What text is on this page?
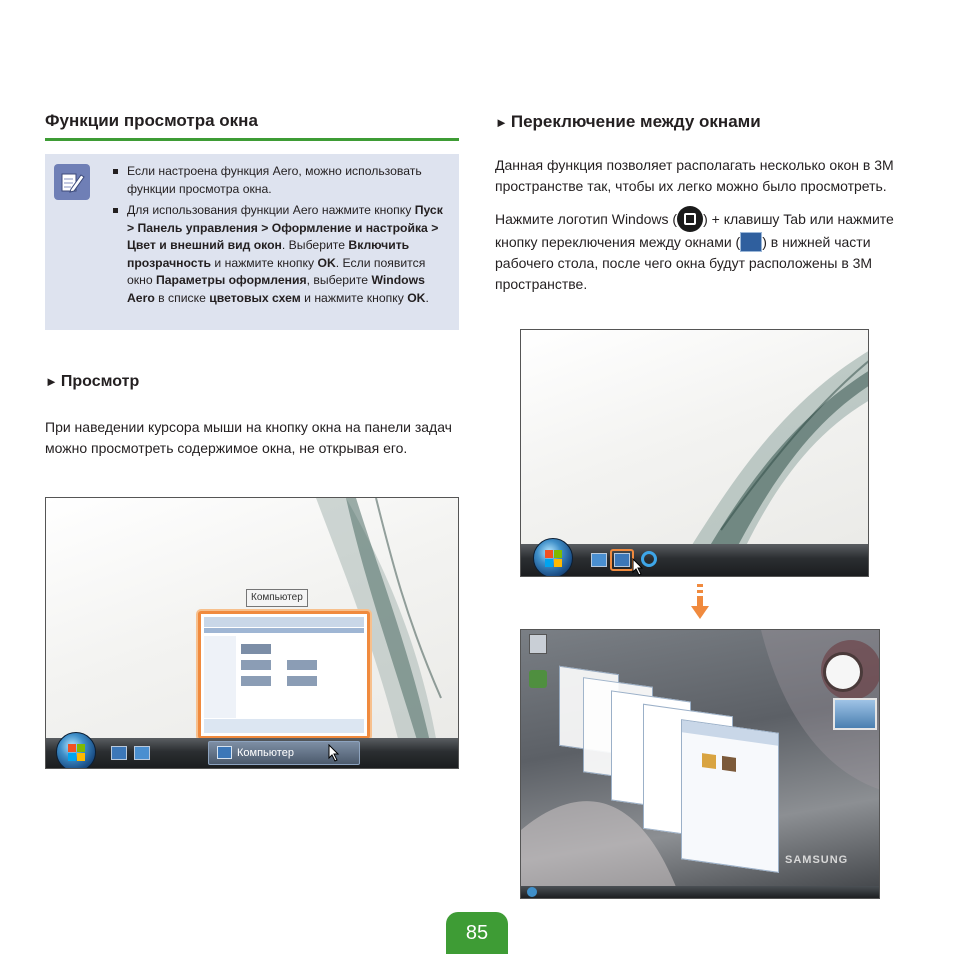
Функции просмотра окна
Если настроена функция Aero, можно использовать функции просмотра окна.
Для использования функции Aero нажмите кнопку Пуск > Панель управления > Оформление и настройка > Цвет и внешний вид окон. Выберите Включить прозрачность и нажмите кнопку OK. Если появится окно Параметры оформления, выберите Windows Aero в списке цветовых схем и нажмите кнопку OK.
► Просмотр

При наведении курсора мыши на кнопку окна на панели задач можно просмотреть содержимое окна, не открывая его.

Компьютер
Компьютер
► Переключение между окнами

Данная функция позволяет располагать несколько окон в 3М пространстве так, чтобы их легко можно было просмотреть.

Нажмите логотип Windows ( ) + клавишу Tab или нажмите кнопку переключения между окнами ( ) в нижней части рабочего стола, после чего окна будут расположены в 3М пространстве.

SAMSUNG
85
